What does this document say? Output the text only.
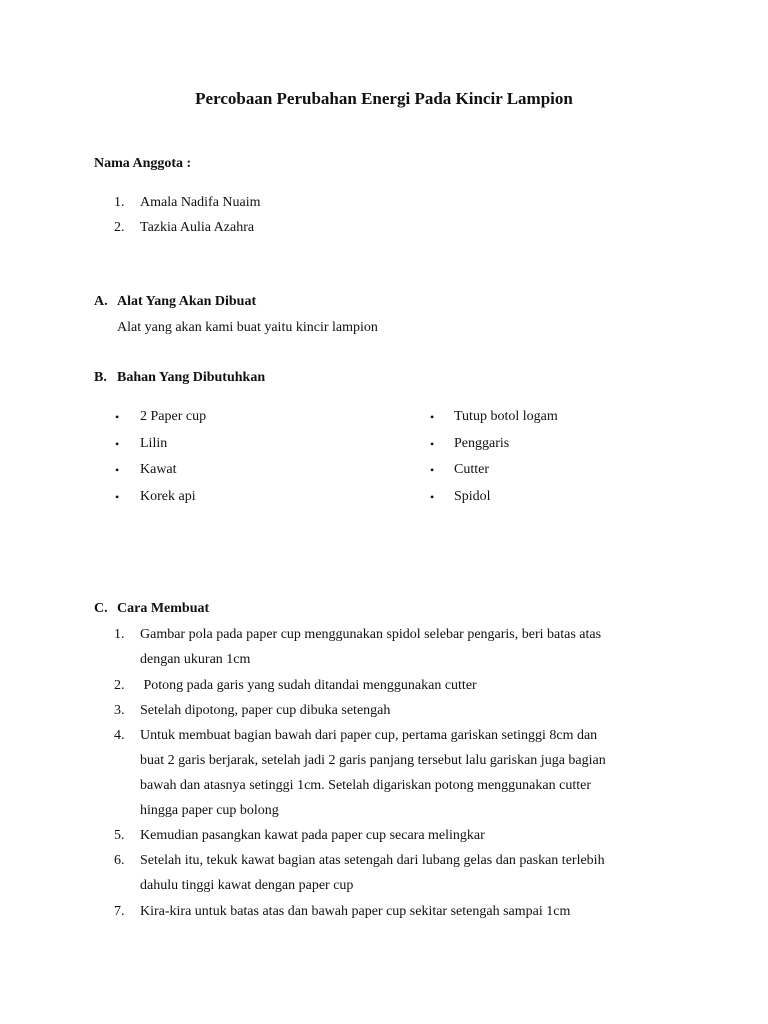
Percobaan Perubahan Energi Pada Kincir Lampion
Nama Anggota :
1.	Amala Nadifa Nuaim
2.	Tazkia Aulia Azahra
A. Alat Yang Akan Dibuat
Alat yang akan kami buat yaitu kincir lampion
B. Bahan Yang Dibutuhkan
• 2 Paper cup
• Lilin
• Kawat
• Korek api
• Tutup botol logam
• Penggaris
• Cutter
• Spidol
C. Cara Membuat
1.	Gambar pola pada paper cup menggunakan spidol selebar pengaris, beri batas atas
dengan ukuran 1cm
2.	Potong pada garis yang sudah ditandai menggunakan cutter
3.	Setelah dipotong, paper cup dibuka setengah
4.	Untuk membuat bagian bawah dari paper cup, pertama gariskan setinggi 8cm dan
buat 2 garis berjarak, setelah jadi 2 garis panjang tersebut lalu gariskan juga bagian
bawah dan atasnya setinggi 1cm. Setelah digariskan potong menggunakan cutter
hingga paper cup bolong
5.	Kemudian pasangkan kawat pada paper cup secara melingkar
6.	Setelah itu, tekuk kawat bagian atas setengah dari lubang gelas dan paskan terlebih
dahulu tinggi kawat dengan paper cup
7.	Kira-kira untuk batas atas dan bawah paper cup sekitar setengah sampai 1cm
